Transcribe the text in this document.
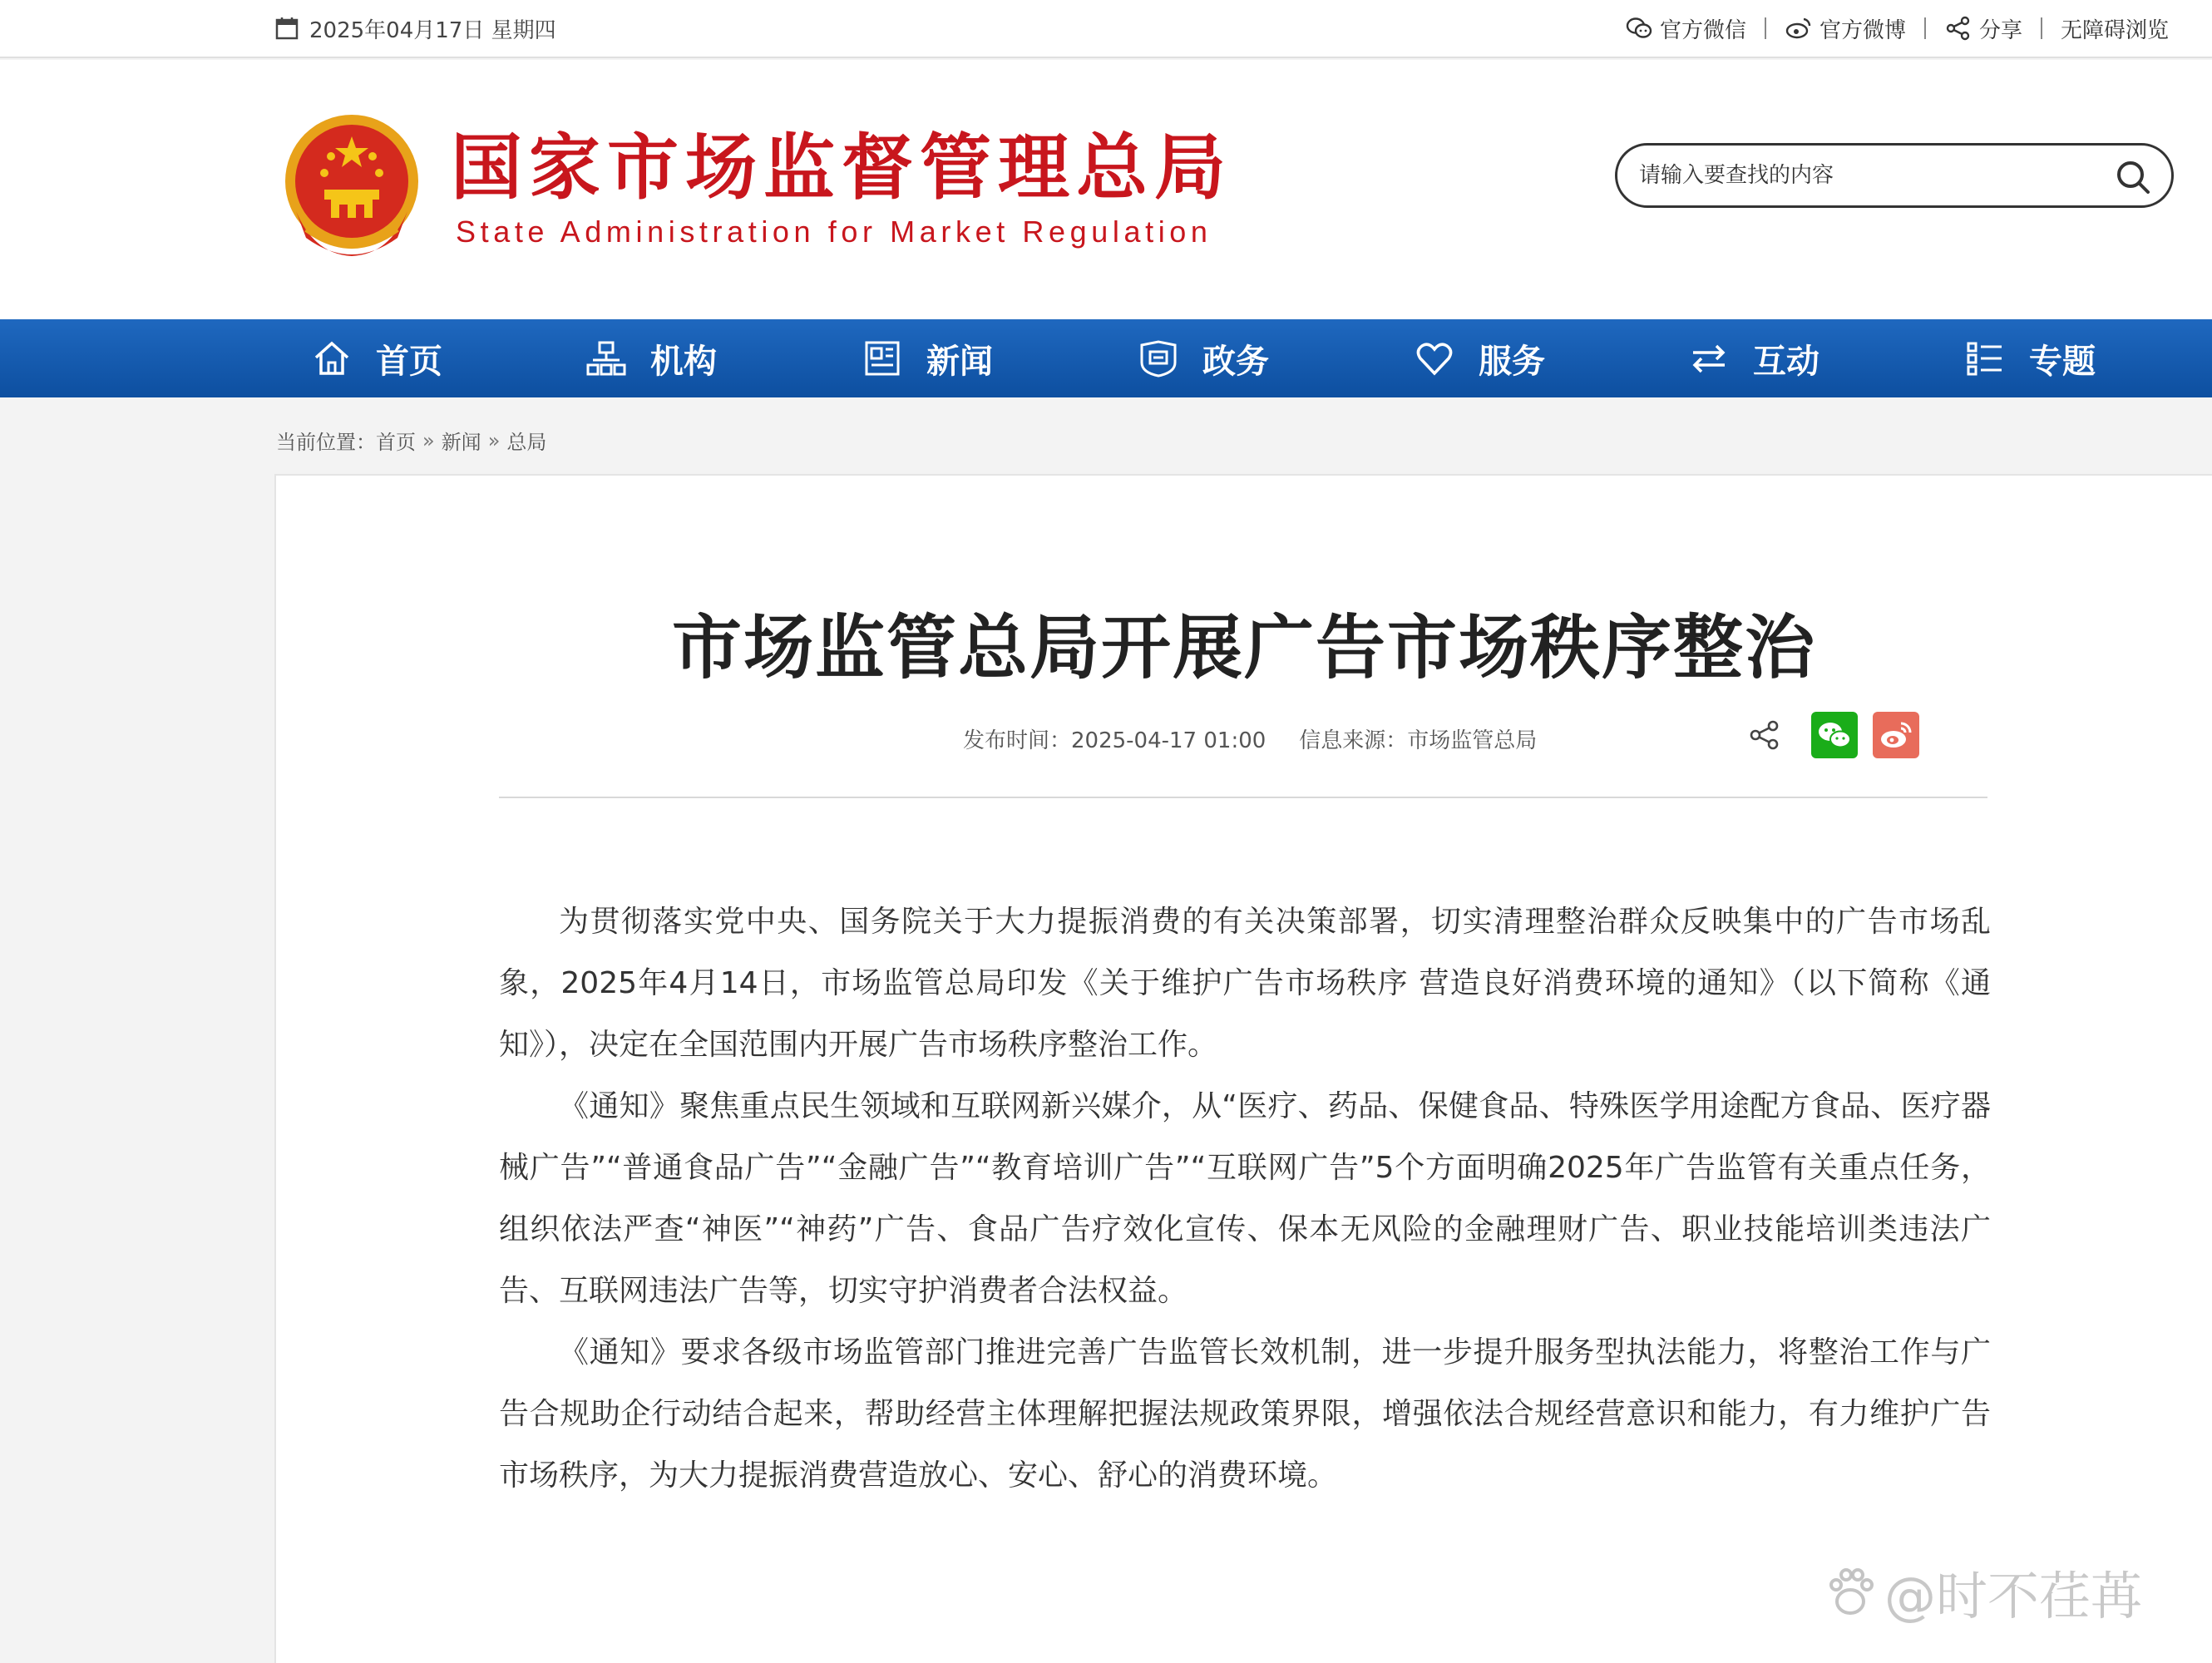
2025年04月17日 星期四	官方微信	官方微博	分享 无障碍浏览
国家市场监督管理总局
State Administration for Market Regulation
请输入要查找的内容
首页	机构	新闻	政务	服务	互动	专题
当前位置： 首页 » 新闻 » 总局
市场监管总局开展广告市场秩序整治
发布时间：2025-04-17 01:00 信息来源：市场监管总局

为贯彻落实党中央、国务院关于大力提振消费的有关决策部署，切实清理整治群众反映集中的广告市场乱象，2025年4月14日，市场监管总局印发《关于维护广告市场秩序 营造良好消费环境的通知》（以下简称《通知》），决定在全国范围内开展广告市场秩序整治工作。

《通知》聚焦重点民生领域和互联网新兴媒介，从“医疗、药品、保健食品、特殊医学用途配方食品、医疗器械广告”“普通食品广告”“金融广告”“教育培训广告”“互联网广告”5个方面明确2025年广告监管有关重点任务，组织依法严查“神医”“神药”广告、食品广告疗效化宣传、保本无风险的金融理财广告、职业技能培训类违法广告、互联网违法广告等，切实守护消费者合法权益。

《通知》要求各级市场监管部门推进完善广告监管长效机制，进一步提升服务型执法能力，将整治工作与广告合规助企行动结合起来，帮助经营主体理解把握法规政策界限，增强依法合规经营意识和能力，有力维护广告市场秩序，为大力提振消费营造放心、安心、舒心的消费环境。

@时不荏苒
